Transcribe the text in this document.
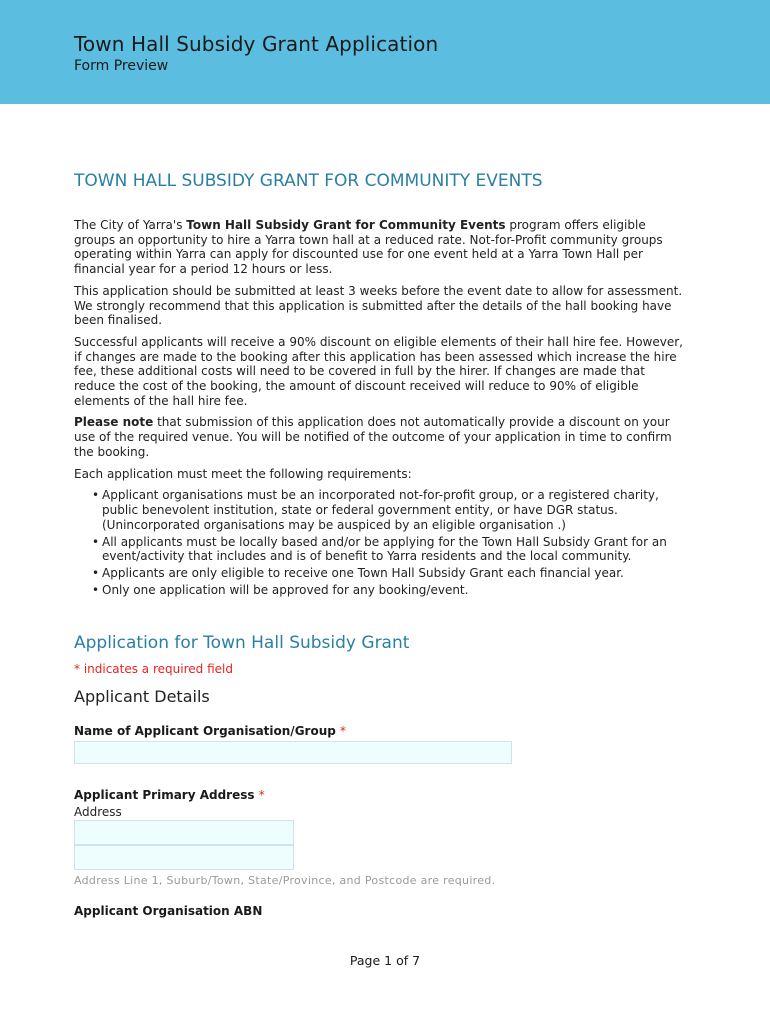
Town Hall Subsidy Grant Application
Form Preview
TOWN HALL SUBSIDY GRANT FOR COMMUNITY EVENTS

The City of Yarra's Town Hall Subsidy Grant for Community Events program offers eligible groups an opportunity to hire a Yarra town hall at a reduced rate. Not-for-Profit community groups operating within Yarra can apply for discounted use for one event held at a Yarra Town Hall per financial year for a period 12 hours or less.

This application should be submitted at least 3 weeks before the event date to allow for assessment. We strongly recommend that this application is submitted after the details of the hall booking have been finalised.

Successful applicants will receive a 90% discount on eligible elements of their hall hire fee. However, if changes are made to the booking after this application has been assessed which increase the hire fee, these additional costs will need to be covered in full by the hirer. If changes are made that reduce the cost of the booking, the amount of discount received will reduce to 90% of eligible elements of the hall hire fee.

Please note that submission of this application does not automatically provide a discount on your use of the required venue. You will be notified of the outcome of your application in time to confirm the booking.

Each application must meet the following requirements:

• Applicant organisations must be an incorporated not-for-profit group, or a registered charity, public benevolent institution, state or federal government entity, or have DGR status. (Unincorporated organisations may be auspiced by an eligible organisation .)
• All applicants must be locally based and/or be applying for the Town Hall Subsidy Grant for an event/activity that includes and is of benefit to Yarra residents and the local community.
• Applicants are only eligible to receive one Town Hall Subsidy Grant each financial year.
• Only one application will be approved for any booking/event.
Application for Town Hall Subsidy Grant
* indicates a required field
Applicant Details
Name of Applicant Organisation/Group *
Applicant Primary Address *
Address
Address Line 1, Suburb/Town, State/Province, and Postcode are required.
Applicant Organisation ABN
Page 1 of 7
